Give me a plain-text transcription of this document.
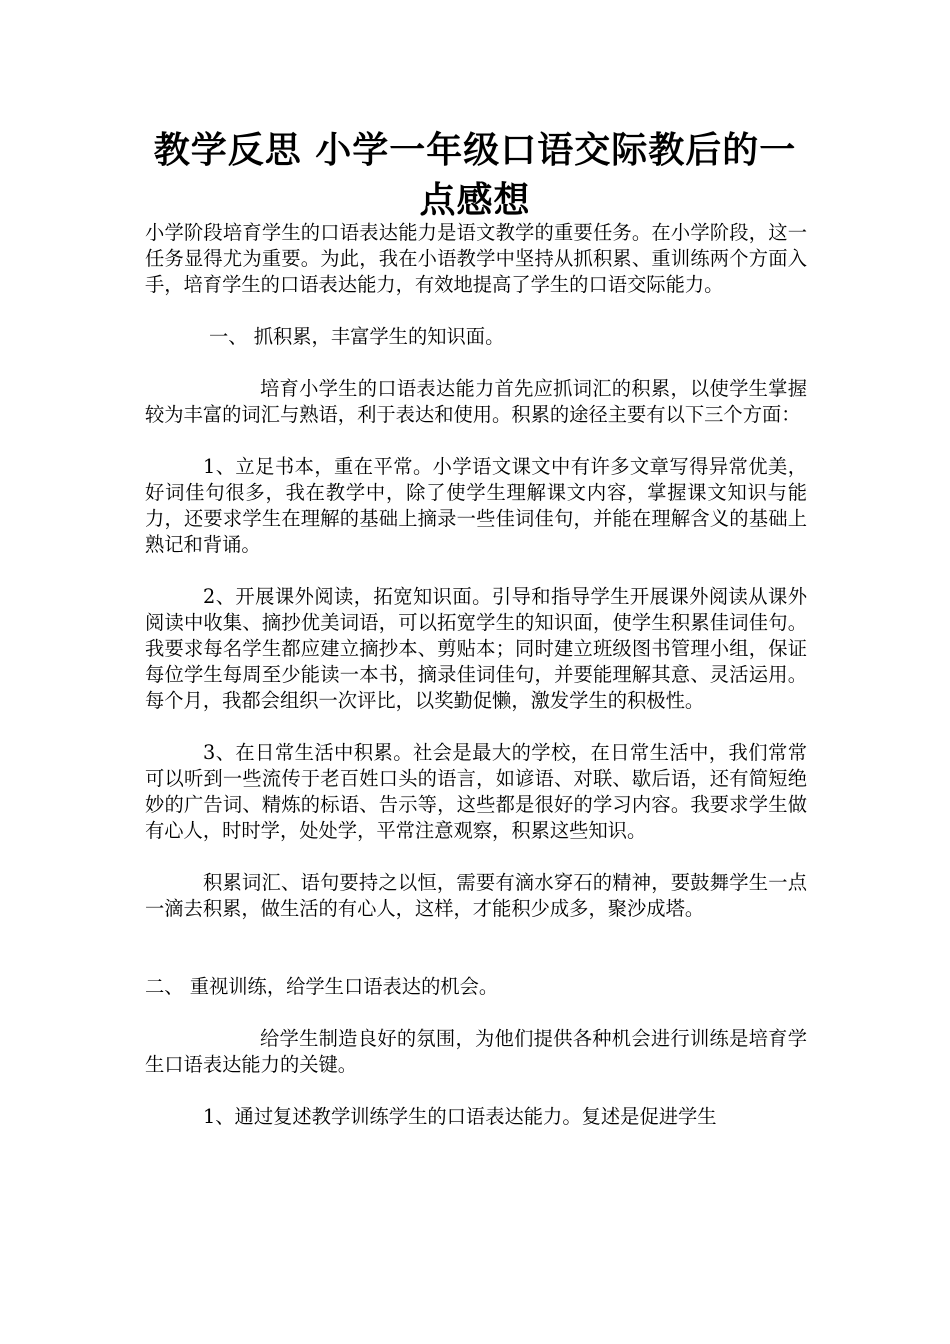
教学反思 小学一年级口语交际教后的一点感想

小学阶段培育学生的口语表达能力是语文教学的重要任务。在小学阶段，这一任务显得尤为重要。为此，我在小语教学中坚持从抓积累、重训练两个方面入手，培育学生的口语表达能力，有效地提高了学生的口语交际能力。

一、 抓积累，丰富学生的知识面。

培育小学生的口语表达能力首先应抓词汇的积累，以使学生掌握较为丰富的词汇与熟语，利于表达和使用。积累的途径主要有以下三个方面：

1、立足书本，重在平常。小学语文课文中有许多文章写得异常优美，好词佳句很多，我在教学中，除了使学生理解课文内容，掌握课文知识与能力，还要求学生在理解的基础上摘录一些佳词佳句，并能在理解含义的基础上熟记和背诵。

2、开展课外阅读，拓宽知识面。引导和指导学生开展课外阅读从课外阅读中收集、摘抄优美词语，可以拓宽学生的知识面，使学生积累佳词佳句。我要求每名学生都应建立摘抄本、剪贴本；同时建立班级图书管理小组，保证每位学生每周至少能读一本书，摘录佳词佳句，并要能理解其意、灵活运用。每个月，我都会组织一次评比，以奖勤促懒，激发学生的积极性。

3、在日常生活中积累。社会是最大的学校，在日常生活中，我们常常可以听到一些流传于老百姓口头的语言，如谚语、对联、歇后语，还有简短绝妙的广告词、精炼的标语、告示等，这些都是很好的学习内容。我要求学生做有心人，时时学，处处学，平常注意观察，积累这些知识。

积累词汇、语句要持之以恒，需要有滴水穿石的精神，要鼓舞学生一点一滴去积累，做生活的有心人，这样，才能积少成多，聚沙成塔。

二、 重视训练，给学生口语表达的机会。

给学生制造良好的氛围，为他们提供各种机会进行训练是培育学生口语表达能力的关键。

1、通过复述教学训练学生的口语表达能力。复述是促进学生
